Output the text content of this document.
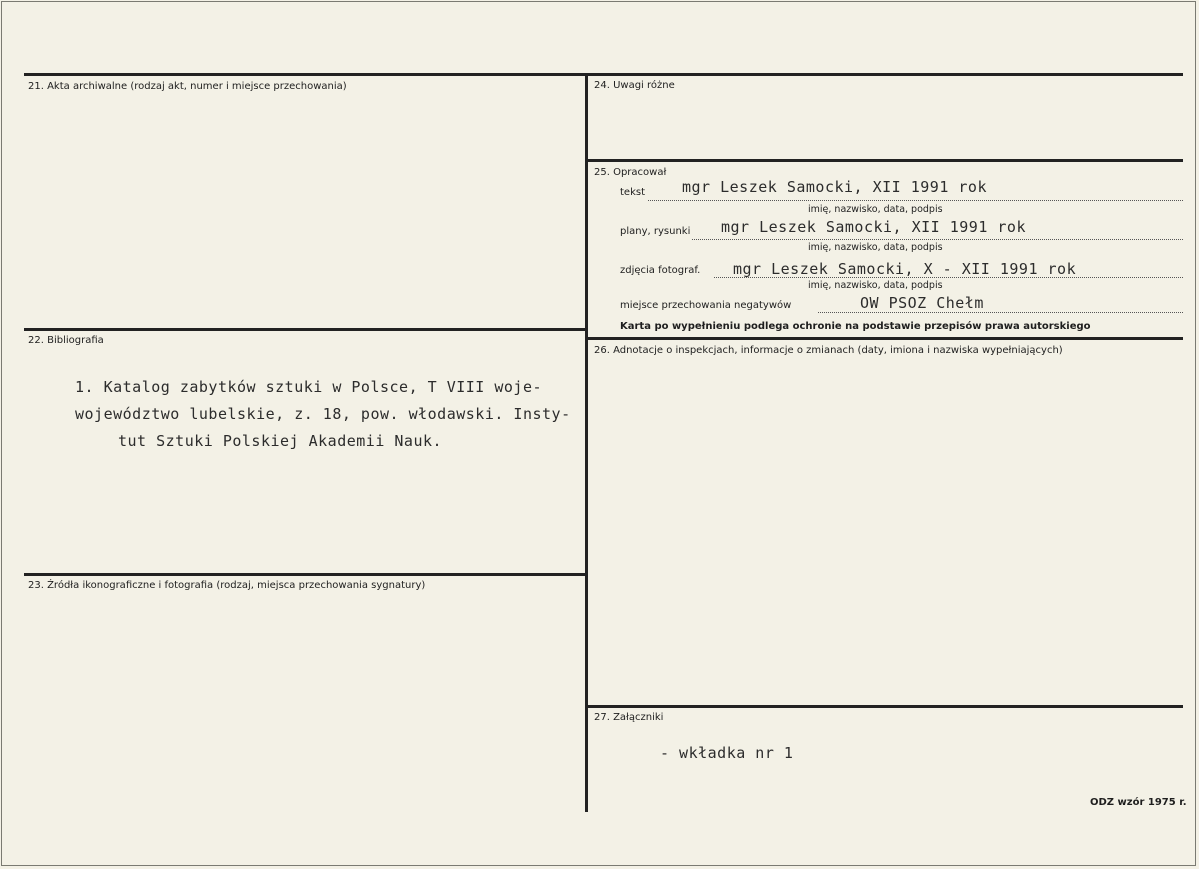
21. Akta archiwalne (rodzaj akt, numer i miejsce przechowania)
22. Bibliografia
1. Katalog zabytków sztuki w Polsce, T VIII woje-
województwo lubelskie, z. 18, pow. włodawski. Insty-
tut Sztuki Polskiej Akademii Nauk.
23. Źródła ikonograficzne i fotografia (rodzaj, miejsca przechowania sygnatury)
24. Uwagi różne
25. Opracował
tekst mgr Leszek Samocki, XII 1991 rok
imię, nazwisko, data, podpis
plany, rysunki mgr Leszek Samocki, XII 1991 rok
imię, nazwisko, data, podpis
zdjęcia fotograf. mgr Leszek Samocki, X - XII 1991 rok
imię, nazwisko, data, podpis
miejsce przechowania negatywów	OW PSOZ Chełm
Karta po wypełnieniu podlega ochronie na podstawie przepisów prawa autorskiego
26. Adnotacje o inspekcjach, informacje o zmianach (daty, imiona i nazwiska wypełniających)
27. Załączniki
- wkładka nr 1
ODZ wzór 1975 r.
